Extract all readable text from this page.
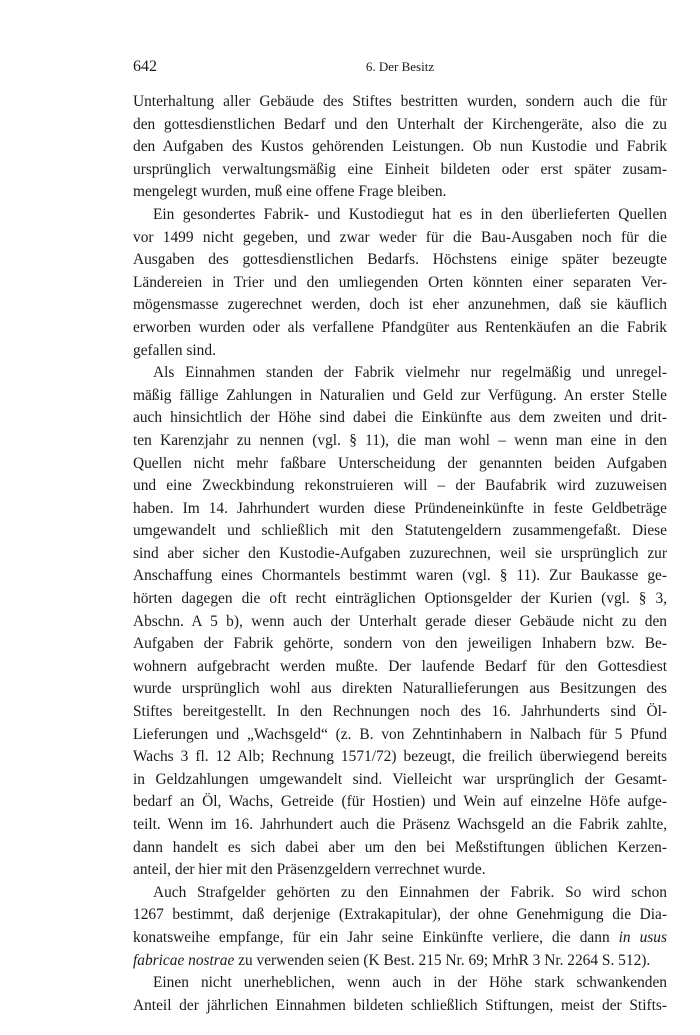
642	6. Der Besitz
Unterhaltung aller Gebäude des Stiftes bestritten wurden, sondern auch die für
den gottesdienstlichen Bedarf und den Unterhalt der Kirchengeräte, also die zu
den Aufgaben des Kustos gehörenden Leistungen. Ob nun Kustodie und Fabrik
ursprünglich verwaltungsmäßig eine Einheit bildeten oder erst später zusam-
mengelegt wurden, muß eine offene Frage bleiben.
Ein gesondertes Fabrik- und Kustodiegut hat es in den überlieferten Quellen
vor 1499 nicht gegeben, und zwar weder für die Bau-Ausgaben noch für die
Ausgaben des gottesdienstlichen Bedarfs. Höchstens einige später bezeugte
Ländereien in Trier und den umliegenden Orten könnten einer separaten Ver-
mögensmasse zugerechnet werden, doch ist eher anzunehmen, daß sie käuflich
erworben wurden oder als verfallene Pfandgüter aus Rentenkäufen an die Fabrik
gefallen sind.
Als Einnahmen standen der Fabrik vielmehr nur regelmäßig und unregel-
mäßig fällige Zahlungen in Naturalien und Geld zur Verfügung. An erster Stelle
auch hinsichtlich der Höhe sind dabei die Einkünfte aus dem zweiten und drit-
ten Karenzjahr zu nennen (vgl. § 11), die man wohl – wenn man eine in den
Quellen nicht mehr faßbare Unterscheidung der genannten beiden Aufgaben
und eine Zweckbindung rekonstruieren will – der Baufabrik wird zuzuweisen
haben. Im 14. Jahrhundert wurden diese Pründeneinkünfte in feste Geldbeträge
umgewandelt und schließlich mit den Statutengeldern zusammengefaßt. Diese
sind aber sicher den Kustodie-Aufgaben zuzurechnen, weil sie ursprünglich zur
Anschaffung eines Chormantels bestimmt waren (vgl. § 11). Zur Baukasse ge-
hörten dagegen die oft recht einträglichen Optionsgelder der Kurien (vgl. § 3,
Abschn. A 5 b), wenn auch der Unterhalt gerade dieser Gebäude nicht zu den
Aufgaben der Fabrik gehörte, sondern von den jeweiligen Inhabern bzw. Be-
wohnern aufgebracht werden mußte. Der laufende Bedarf für den Gottesdiest
wurde ursprünglich wohl aus direkten Naturallieferungen aus Besitzungen des
Stiftes bereitgestellt. In den Rechnungen noch des 16. Jahrhunderts sind Öl-
Lieferungen und „Wachsgeld“ (z. B. von Zehntinhabern in Nalbach für 5 Pfund
Wachs 3 fl. 12 Alb; Rechnung 1571/72) bezeugt, die freilich überwiegend bereits
in Geldzahlungen umgewandelt sind. Vielleicht war ursprünglich der Gesamt-
bedarf an Öl, Wachs, Getreide (für Hostien) und Wein auf einzelne Höfe aufge-
teilt. Wenn im 16. Jahrhundert auch die Präsenz Wachsgeld an die Fabrik zahlte,
dann handelt es sich dabei aber um den bei Meßstiftungen üblichen Kerzen-
anteil, der hier mit den Präsenzgeldern verrechnet wurde.
Auch Strafgelder gehörten zu den Einnahmen der Fabrik. So wird schon
1267 bestimmt, daß derjenige (Extrakapitular), der ohne Genehmigung die Dia-
konatsweihe empfange, für ein Jahr seine Einkünfte verliere, die dann in usus
fabricae nostrae zu verwenden seien (K Best. 215 Nr. 69; MrhR 3 Nr. 2264 S. 512).
Einen nicht unerheblichen, wenn auch in der Höhe stark schwankenden
Anteil der jährlichen Einnahmen bildeten schließlich Stiftungen, meist der Stifts-
